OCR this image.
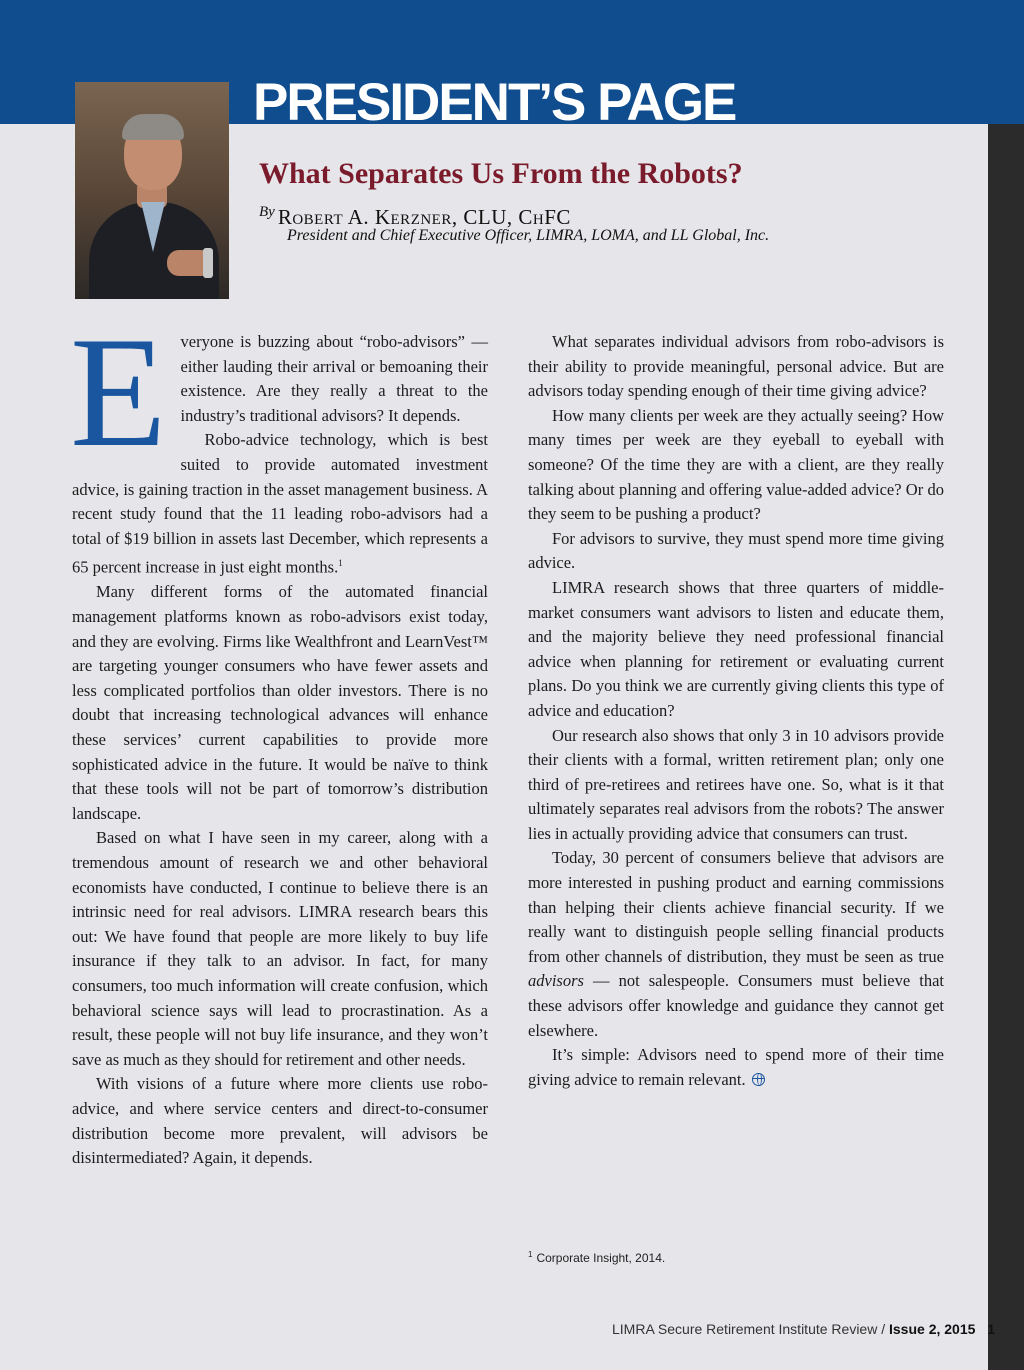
PRESIDENT’S PAGE
What Separates Us From the Robots?
$^{By}$ Robert A. Kerzner, CLU, ChFC
President and Chief Executive Officer, LIMRA, LOMA, and LL Global, Inc.

Everyone is buzzing about “robo-advisors” — either lauding their arrival or bemoaning their existence. Are they really a threat to the industry’s traditional advisors? It depends.

Robo-advice technology, which is best suited to provide automated investment advice, is gaining traction in the asset management business. A recent study found that the 11 leading robo-advisors had a total of $19 billion in assets last December, which represents a 65 percent increase in just eight months.$^1$

Many different forms of the automated financial management platforms known as robo-advisors exist today, and they are evolving. Firms like Wealthfront and LearnVest™ are targeting younger consumers who have fewer assets and less complicated portfolios than older investors. There is no doubt that increasing technological advances will enhance these services’ current capabilities to provide more sophisticated advice in the future. It would be naïve to think that these tools will not be part of tomorrow’s distribution landscape.

Based on what I have seen in my career, along with a tremendous amount of research we and other behavioral economists have conducted, I continue to believe there is an intrinsic need for real advisors. LIMRA research bears this out: We have found that people are more likely to buy life insurance if they talk to an advisor. In fact, for many consumers, too much information will create confusion, which behavioral science says will lead to procrastination. As a result, these people will not buy life insurance, and they won’t save as much as they should for retirement and other needs.

With visions of a future where more clients use robo-advice, and where service centers and direct-to-consumer distribution become more prevalent, will advisors be disintermediated? Again, it depends.

What separates individual advisors from robo-advisors is their ability to provide meaningful, personal advice. But are advisors today spending enough of their time giving advice?

How many clients per week are they actually seeing? How many times per week are they eyeball to eyeball with someone? Of the time they are with a client, are they really talking about planning and offering value-added advice? Or do they seem to be pushing a product?

For advisors to survive, they must spend more time giving advice.

LIMRA research shows that three quarters of middle-market consumers want advisors to listen and educate them, and the majority believe they need professional financial advice when planning for retirement or evaluating current plans. Do you think we are currently giving clients this type of advice and education?

Our research also shows that only 3 in 10 advisors provide their clients with a formal, written retirement plan; only one third of pre-retirees and retirees have one. So, what is it that ultimately separates real advisors from the robots? The answer lies in actually providing advice that consumers can trust.

Today, 30 percent of consumers believe that advisors are more interested in pushing product and earning commissions than helping their clients achieve financial security. If we really want to distinguish people selling financial products from other channels of distribution, they must be seen as true advisors — not salespeople. Consumers must believe that these advisors offer knowledge and guidance they cannot get elsewhere.

It’s simple: Advisors need to spend more of their time giving advice to remain relevant.

$^1$ Corporate Insight, 2014.
LIMRA Secure Retirement Institute Review / Issue 2, 2015 1
